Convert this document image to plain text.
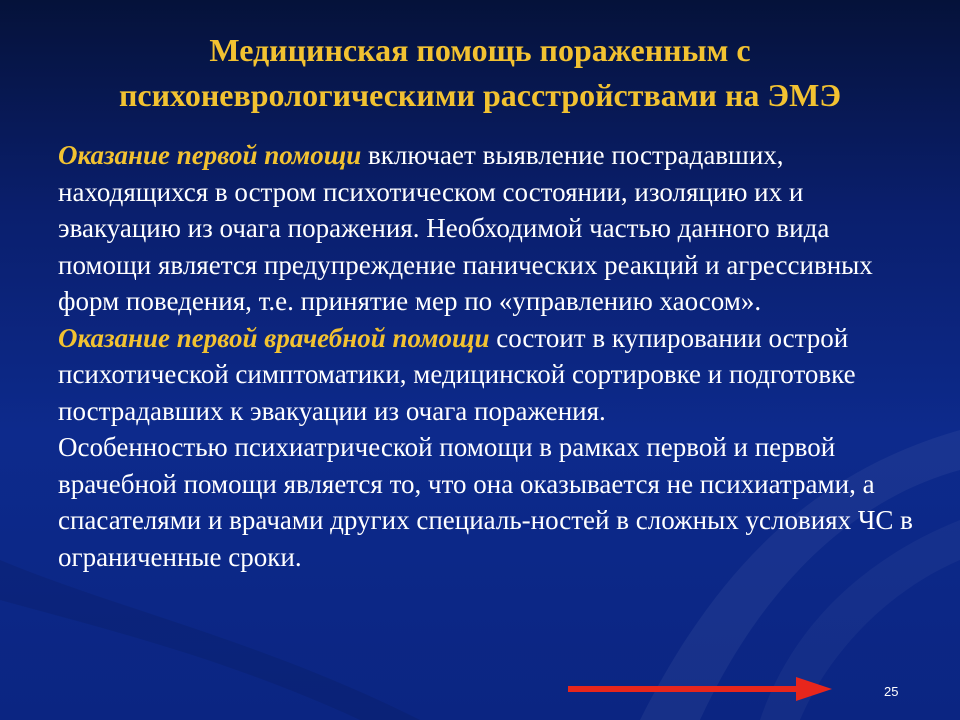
Медицинская помощь пораженным с психоневрологическими расстройствами на ЭМЭ

Оказание первой помощи включает выявление пострадавших, находящихся в остром психотическом состоянии, изоляцию их и эвакуацию из очага поражения. Необходимой частью данного вида помощи является предупреждение панических реакций и агрессивных форм поведения, т.е. принятие мер по «управлению хаосом».

Оказание первой врачебной помощи состоит в купировании острой психотической симптоматики, медицинской сортировке и подготовке пострадавших к эвакуации из очага поражения.

Особенностью психиатрической помощи в рамках первой и первой врачебной помощи является то, что она оказывается не психиатрами, а спасателями и врачами других специаль-ностей в сложных условиях ЧС в ограниченные сроки.

25
